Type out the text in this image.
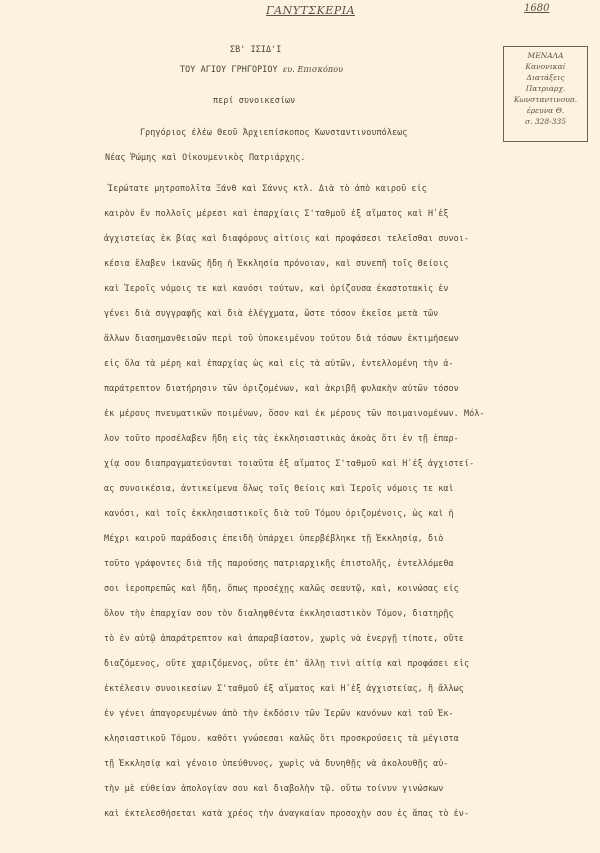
ΓΑΝΥΤΣΚΕΡΙΑ	1680
ΜΕΝΑΛΑ
Κανονικαί
Διατάξεις
Πατριαρχ.
Κωνσταντινουπ.
έρευνα Θ.
σ. 328-335
ΣΒ' ΙΣΙΔ'Ι
ΤΟΥ ΑΓΙΟΥ ΓΡΗΓΟΡΙΟΥ ευ. Επισκόπου
περί συνοικεσίων
Γρηγόριος έλέω Θεοῦ Ἀρχιεπίσκοπος Κωνσταντινουπόλεως
Νέας Ῥώμης καὶ Οἰκουμενικὸς Πατριάρχης.
Ἱερώτατε μητροπολῖτα Ξάνθ καὶ Σάννς κτλ. Διὰ τὸ ἀπὸ καιροῦ εἰς
καιρὸν ἔν πολλοῖς μέρεσι καὶ ἐπαρχίαις Σ'ταθμοῦ ἐξ αἵματος καὶ Ηʹἐξ
ἀγχιστείας ἐκ βίας καὶ διαφόρους αἰτίοις καὶ προφάσεσι τελεῖσθαι συνοι-
κέσια ἔλαβεν ἱκανῶς ἤδη ἡ Ἐκκλησία πρόνοιαν, καὶ συνεπῆ τοῖς Θείοις
καὶ Ἱεροῖς νόμοις τε καὶ κανόσι τούτων, καὶ ὁρίζουσα ἐκαστοτακὶς ἐν
γένει διὰ συγγραφῆς καὶ διὰ ἐλέγχματα, ὥστε τόσον ἐκεῖσε μετὰ τῶν
ἄλλων διασημανθεισῶν περὶ τοῦ ὑποκειμένου τούτου διὰ τόσων ἐκτιμήσεων
εἰς ὅλα τὰ μέρη καὶ ἐπαρχίας ὡς καὶ εἰς τὰ αὐτῶν, ἐντελλομένη τὴν ἀ-
παράτρεπτον διατήρησιν τῶν ὁριζομένων, καὶ ἀκριβῆ φυλακὴν αὐτῶν τόσον
ἐκ μέρους πνευματικῶν ποιμένων, ὅσον καὶ ἐκ μέρους τῶν ποιμαινομένων. Μόλ-
λον τοῦτο προσέλαβεν ἤδη εἰς τὰς ἐκκλησιαστικὰς ἀκοὰς ὅτι ἐν τῇ ἐπαρ-
χίᾳ σου διαπραγματεύονται τοιαῦτα ἐξ αἵματος Σ'ταθμοῦ καὶ Ηʹἐξ ἀγχιστεί-
ας συνοικέσια, ἀντικείμενα ὅλως τοῖς Θείοις καὶ Ἱεροῖς νόμοις τε καὶ
κανόσι, καὶ τοῖς ἐκκλησιαστικοῖς διὰ τοῦ Τόμου ὁριζομένοις, ὡς καὶ ἡ
Μέχρι καιροῦ παράδοσις ἐπειδὴ ὑπάρχει ὑπερβέβληκε τῇ Ἐκκλησίᾳ, διὸ
τοῦτο γράφοντες διὰ τῆς παρούσης πατριαρχικῆς ἐπιστολῆς, ἐντελλόμεθα
σοι ἱεροπρεπῶς καὶ ἤδη, ὅπως προσέχῃς καλῶς σεαυτῷ, καὶ, κοινώσας εἰς
ὅλον τὴν ἐπαρχίαν σου τὸν διαληφθέντα ἐκκλησιαστικὸν Τόμον, διατηρῇς
τὸ ἐν αὐτῷ ἀπαράτρεπτον καὶ ἀπαραβίαστον, χωρὶς νὰ ἐνεργῇ τίποτε, οὔτε
διαζόμενος, οὔτε χαριζόμενος, οὔτε ἐπ' ἄλλῃ τινὶ αἰτίᾳ καὶ προφάσει εἰς
ἐκτέλεσιν συνοικεσίων Σ'ταθμοῦ ἐξ αἵματος καὶ Ηʹἐξ ἀγχιστείας, ἢ ἄλλως
ἐν γένει ἀπαγορευμένων ἀπὸ τὴν ἐκδόσιν τῶν Ἱερῶν κανόνων καὶ τοῦ Ἐκ-
κλησιαστικοῦ Τόμου. καθότι γνώσεσαι καλῶς ὅτι προσκρούσεις τὰ μέγιστα
τῇ Ἐκκλησίᾳ καὶ γένοιο ὑπεύθυνος, χωρὶς νὰ δυνηθῇς νὰ ἀκολουθῇς αὐ-
τὴν μὲ εὐθείαν ἀπολογίαν σου καὶ διαβολὴν τῷ. οὕτω τοίνυν γινώσκων
καὶ ἐκτελεσθήσεται κατὰ χρέος τὴν ἀναγκαίαν προσοχὴν σου ἐς ἅπας τὸ ἐν-
